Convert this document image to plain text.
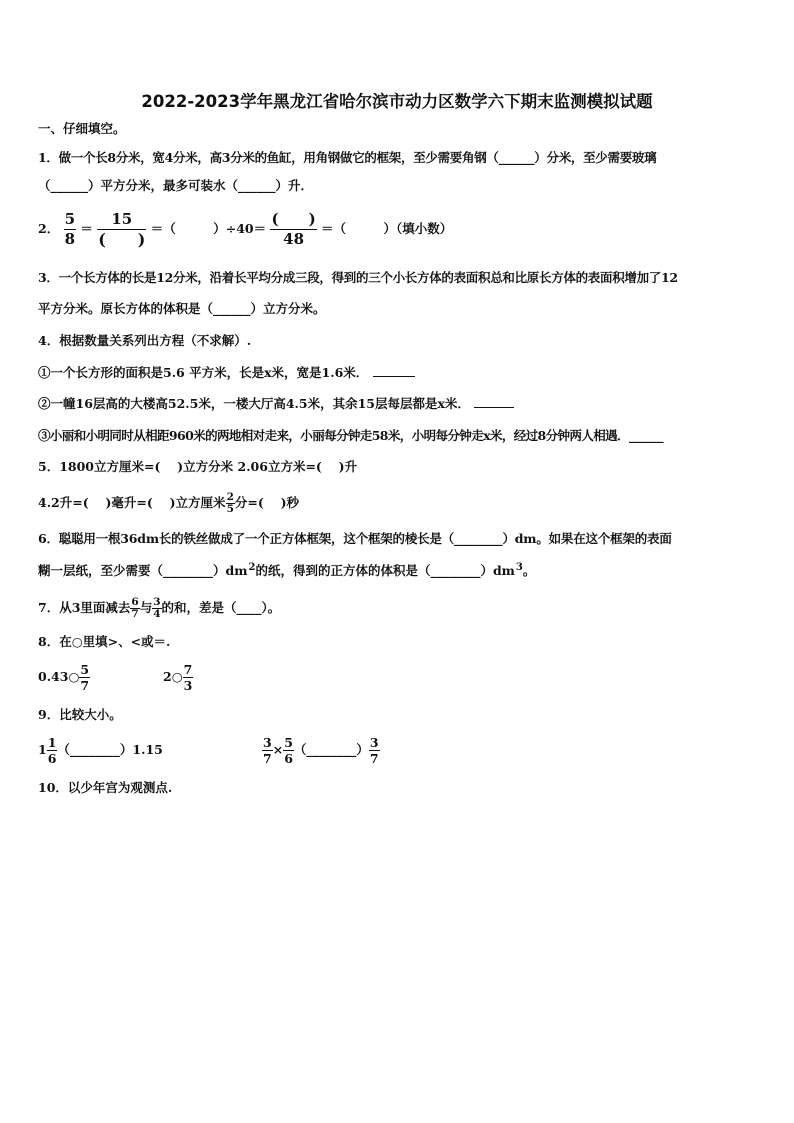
2022-2023学年黑龙江省哈尔滨市动力区数学六下期末监测模拟试题
一、仔细填空。
1．做一个长8分米，宽4分米，高3分米的鱼缸，用角钢做它的框架，至少需要角钢（______）分米，至少需要玻璃
（______）平方分米，最多可装水（______）升．
2． $\frac{5}{8} = \frac{15}{( )}$ ＝（　　　）$\div 40= \frac{( )}{48}$ ＝（　　　）（填小数）
3．一个长方体的长是12分米，沿着长平均分成三段，得到的三个小长方体的表面积总和比原长方体的表面积增加了12
平方分米。原长方体的体积是（______）立方分米。
4．根据数量关系列出方程（不求解）.
①一个长方形的面积是5.6 平方米，长是x米，宽是1.6米．
②一幢16层高的大楼高52.5米，一楼大厅高4.5米，其余15层每层都是x米．
③小丽和小明同时从相距960米的两地相对走来，小丽每分钟走58米，小明每分钟走x米，经过8分钟两人相遇．______
5．1800立方厘米=(　 )立方分米 2.06立方米=(　 )升
4.2升=(　 )毫升=(　 )立方厘米 $\frac{2}{5}$ 分=(　 )秒
6．聪聪用一根36dm长的铁丝做成了一个正方体框架，这个框架的棱长是（________）dm。如果在这个框架的表面
糊一层纸，至少需要$(\_\_\_\_\_\_\_\_)dm^2$的纸，得到的正方体的体积是$(\_\_\_\_\_\_\_\_)dm^3$。
7．从3里面减去 $\frac{6}{7}$ 与 $\frac{3}{4}$ 的和，差是（____）。
8．在○里填>、<或＝.
0.43○ $\frac{5}{7}$	2○ $\frac{7}{3}$
9．比较大小。
$1 \frac{1}{6}$ （________）1.15	$\frac{3}{7} \times \frac{5}{6}$ （________） $\frac{3}{7}$
10．以少年宫为观测点.
